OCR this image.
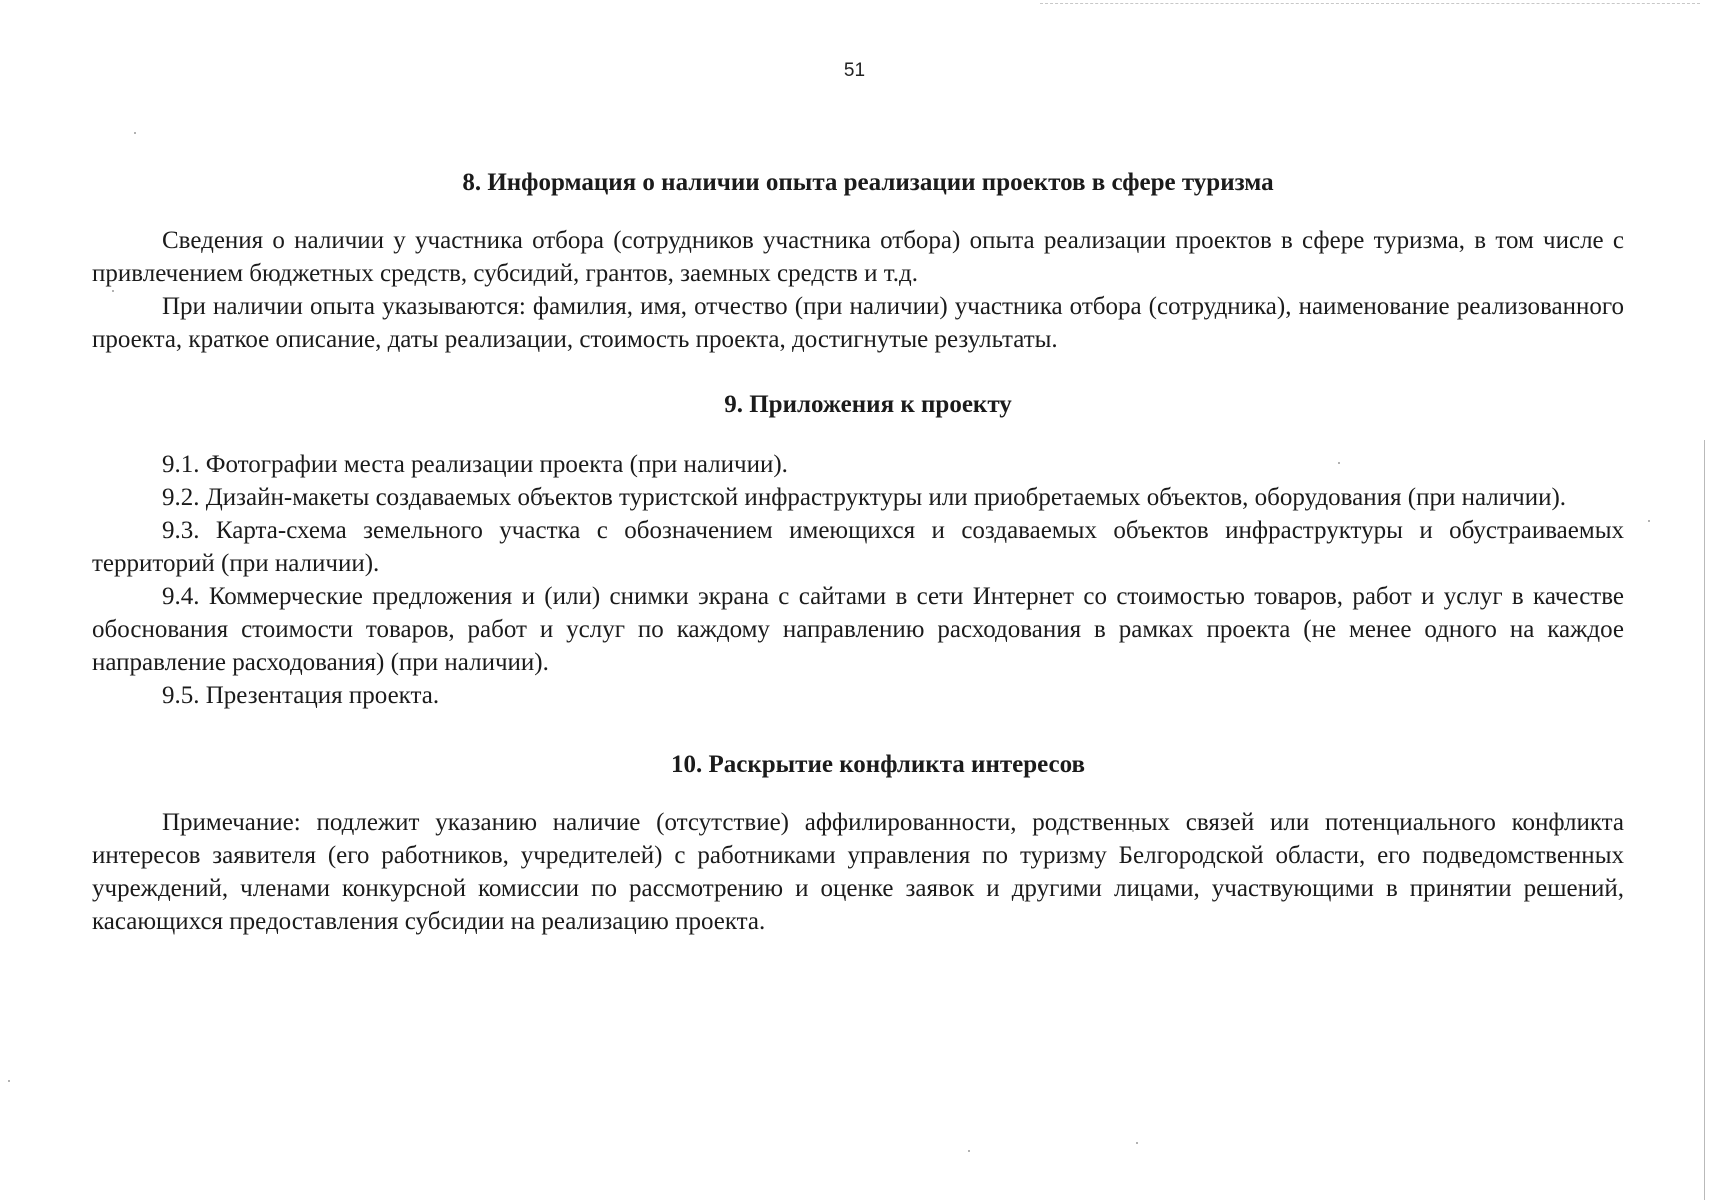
51
8. Информация о наличии опыта реализации проектов в сфере туризма

Сведения о наличии у участника отбора (сотрудников участника отбора) опыта реализации проектов в сфере туризма, в том числе с привлечением бюджетных средств, субсидий, грантов, заемных средств и т.д.

При наличии опыта указываются: фамилия, имя, отчество (при наличии) участника отбора (сотрудника), наименование реализованного проекта, краткое описание, даты реализации, стоимость проекта, достигнутые результаты.

9. Приложения к проекту

9.1. Фотографии места реализации проекта (при наличии).

9.2. Дизайн-макеты создаваемых объектов туристской инфраструктуры или приобретаемых объектов, оборудования (при наличии).

9.3. Карта-схема земельного участка с обозначением имеющихся и создаваемых объектов инфраструктуры и обустраиваемых территорий (при наличии).

9.4. Коммерческие предложения и (или) снимки экрана с сайтами в сети Интернет со стоимостью товаров, работ и услуг в качестве обоснования стоимости товаров, работ и услуг по каждому направлению расходования в рамках проекта (не менее одного на каждое направление расходования) (при наличии).

9.5. Презентация проекта.

10. Раскрытие конфликта интересов

Примечание: подлежит указанию наличие (отсутствие) аффилированности, родственных связей или потенциального конфликта интересов заявителя (его работников, учредителей) с работниками управления по туризму Белгородской области, его подведомственных учреждений, членами конкурсной комиссии по рассмотрению и оценке заявок и другими лицами, участвующими в принятии решений, касающихся предоставления субсидии на реализацию проекта.
